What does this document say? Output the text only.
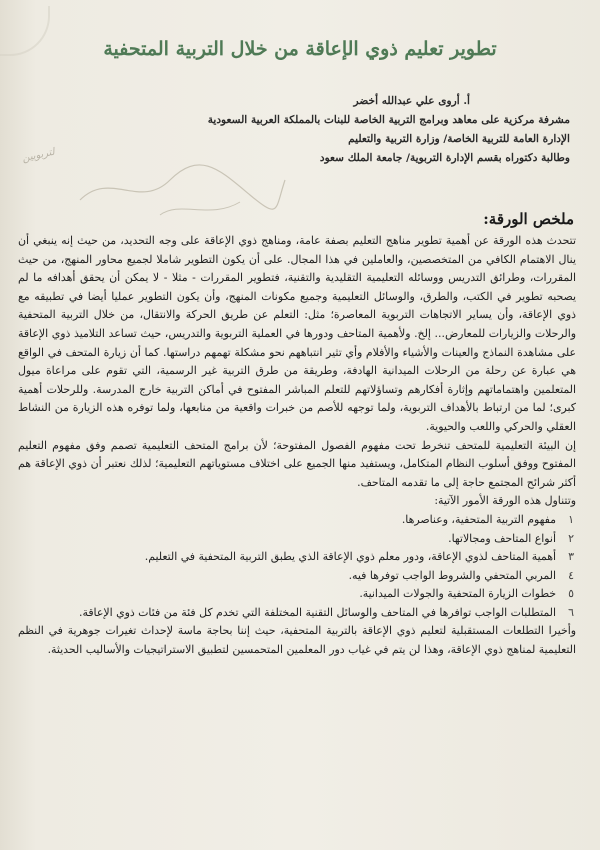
تطوير تعليم ذوي الإعاقة من خلال التربية المتحفية
أ. أروى علي عبدالله أخضر
مشرفة مركزية على معاهد وبرامج التربية الخاصة للبنات بالمملكة العربية السعودية
الإدارة العامة للتربية الخاصة/ وزارة التربية والتعليم
وطالبة دكتوراه بقسم الإدارة التربوية/ جامعة الملك سعود
لتربويين
ملخص الورقة:

تتحدث هذه الورقة عن أهمية تطوير مناهج التعليم بصفة عامة، ومناهج ذوي الإعاقة على وجه التحديد، من حيث إنه ينبغي أن ينال الاهتمام الكافي من المتخصصين، والعاملين في هذا المجال. على أن يكون التطوير شاملا لجميع محاور المنهج، من حيث المقررات، وطرائق التدريس ووسائله التعليمية التقليدية والتقنية، فتطوير المقررات - مثلا - لا يمكن أن يحقق أهدافه ما لم يصحبه تطوير في الكتب، والطرق، والوسائل التعليمية وجميع مكونات المنهج، وأن يكون التطوير عمليا أيضا في تطبيقه مع ذوي الإعاقة، وأن يساير الاتجاهات التربوية المعاصرة؛ مثل: التعلم عن طريق الحركة والانتقال، من خلال التربية المتحفية والرحلات والزيارات للمعارض... إلخ. ولأهمية المتاحف ودورها في العملية التربوية والتدريس، حيث تساعد التلاميذ ذوي الإعاقة على مشاهدة النماذج والعينات والأشياء والأفلام وأي تثير انتباههم نحو مشكلة تهمهم دراستها. كما أن زيارة المتحف في الواقع هي عبارة عن رحلة من الرحلات الميدانية الهادفة، وطريقة من طرق التربية غير الرسمية، التي تقوم على مراعاة ميول المتعلمين واهتماماتهم وإثارة أفكارهم وتساؤلاتهم للتعلم المباشر المفتوح في أماكن التربية خارج المدرسة. وللرحلات أهمية كبرى؛ لما من ارتباط بالأهداف التربوية، ولما توجهه للأصم من خبرات واقعية من منابعها، ولما توفره هذه الزيارة من النشاط العقلي والحركي واللعب والحيوية.

إن البيئة التعليمية للمتحف تنخرط تحت مفهوم الفصول المفتوحة؛ لأن برامج المتحف التعليمية تصمم وفق مفهوم التعليم المفتوح ووفق أسلوب النظام المتكامل، ويستفيد منها الجميع على اختلاف مستوياتهم التعليمية؛ لذلك نعتبر أن ذوي الإعاقة هم أكثر شرائح المجتمع حاجة إلى ما تقدمه المتاحف.

وتتناول هذه الورقة الأمور الآتية:

١
مفهوم التربية المتحفية، وعناصرها.
٢
أنواع المتاحف ومجالاتها.
٣
أهمية المتاحف لذوي الإعاقة، ودور معلم ذوي الإعاقة الذي يطبق التربية المتحفية في التعليم.
٤
المربي المتحفي والشروط الواجب توفرها فيه.
٥
خطوات الزيارة المتحفية والجولات الميدانية.
٦
المتطلبات الواجب توافرها في المتاحف والوسائل التقنية المختلفة التي تخدم كل فئة من فئات ذوي الإعاقة.

وأخيرا التطلعات المستقبلية لتعليم ذوي الإعاقة بالتربية المتحفية، حيث إننا بحاجة ماسة لإحداث تغيرات جوهرية في النظم التعليمية لمناهج ذوي الإعاقة، وهذا لن يتم في غياب دور المعلمين المتحمسين لتطبيق الاستراتيجيات والأساليب الحديثة.
